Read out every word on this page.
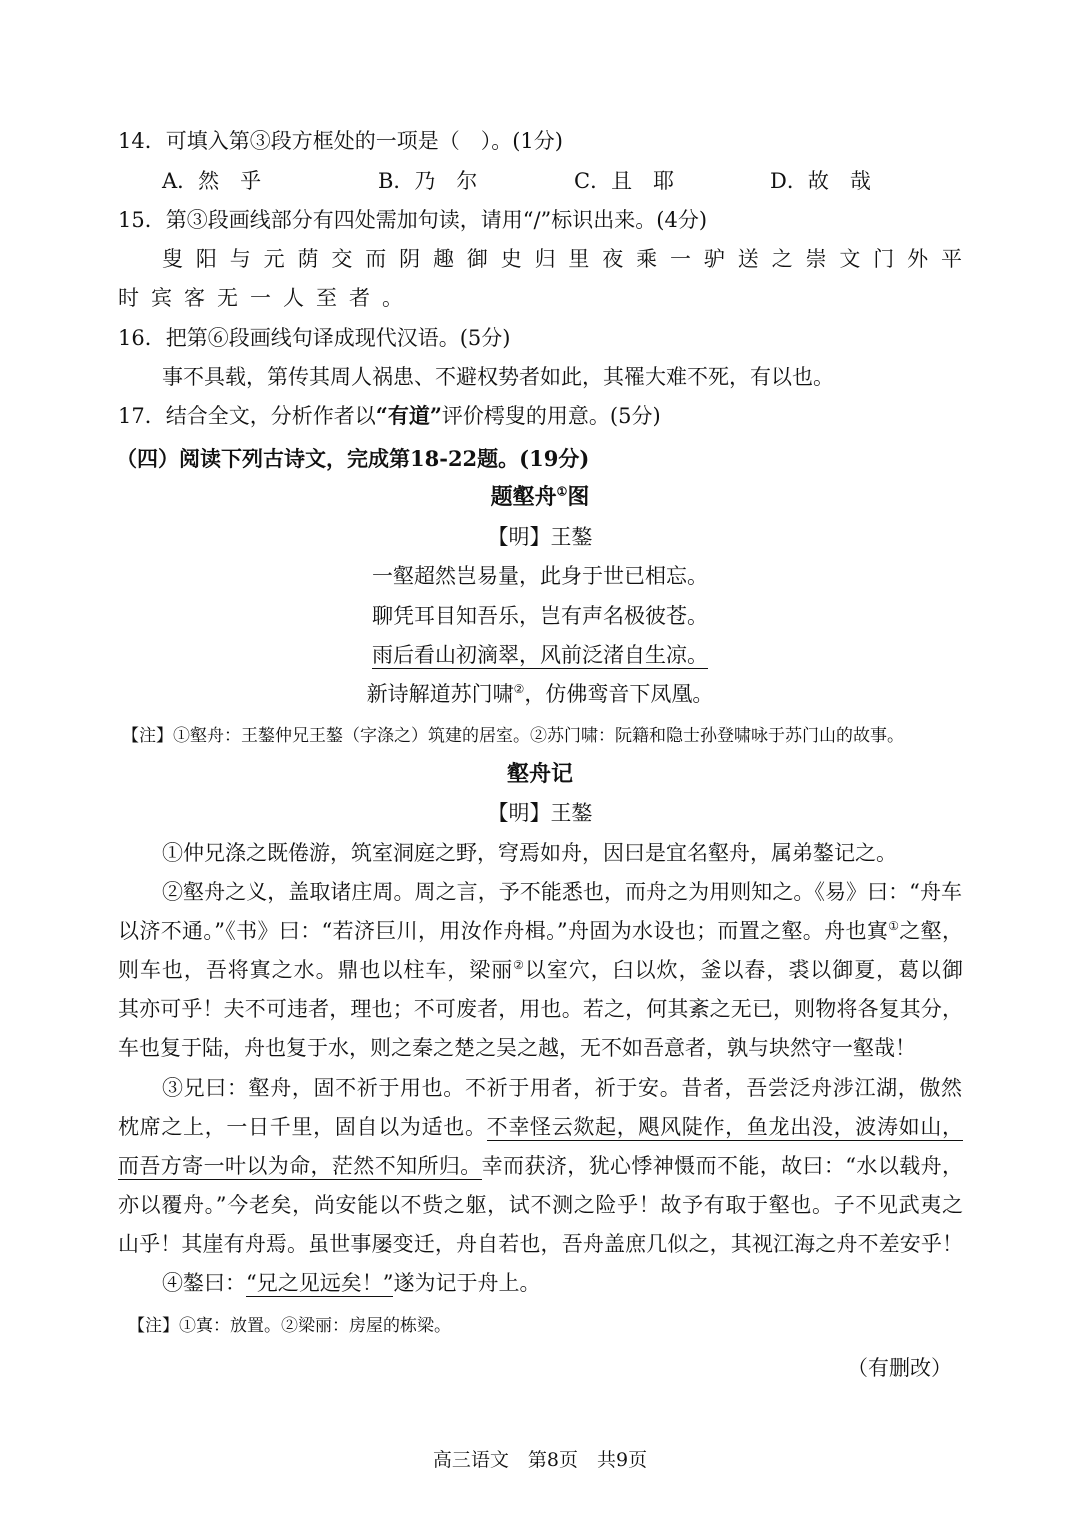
14．可填入第③段方框处的一项是（　）。(1分)

A．然　乎	B．乃　尔	C．且　耶	D．故　哉

15．第③段画线部分有四处需加句读，请用“/”标识出来。(4分)

叟阳与元荫交而阴趣御史归里夜乘一驴送之崇文门外平

时宾客无一人至者。

16．把第⑥段画线句译成现代汉语。(5分)

事不具载，第传其周人祸患、不避权势者如此，其罹大难不死，有以也。

17．结合全文，分析作者以“有道”评价樗叟的用意。(5分)

（四）阅读下列古诗文，完成第18-22题。(19分)

题壑舟①图

【明】王鏊

一壑超然岂易量，此身于世已相忘。

聊凭耳目知吾乐，岂有声名极彼苍。

雨后看山初滴翠，风前泛渚自生凉。

新诗解道苏门啸②，仿佛鸾音下凤凰。

【注】①壑舟：王鏊仲兄王鏊（字涤之）筑建的居室。②苏门啸：阮籍和隐士孙登啸咏于苏门山的故事。

壑舟记

【明】王鏊

①仲兄涤之既倦游，筑室洞庭之野，穹焉如舟，因曰是宜名壑舟，属弟鏊记之。

②壑舟之义，盖取诸庄周。周之言，予不能悉也，而舟之为用则知之。《易》曰：“舟车

以济不通。”《书》曰：“若济巨川，用汝作舟楫。”舟固为水设也；而置之壑。舟也寘①之壑，

则车也，吾将寘之水。鼎也以柱车，梁丽②以室穴，臼以炊，釜以舂，裘以御夏，葛以御

其亦可乎！夫不可违者，理也；不可废者，用也。若之，何其紊之无已，则物将各复其分，

车也复于陆，舟也复于水，则之秦之楚之吴之越，无不如吾意者，孰与块然守一壑哉！

③兄曰：壑舟，固不祈于用也。不祈于用者，祈于安。昔者，吾尝泛舟涉江湖，傲然

枕席之上，一日千里，固自以为适也。不幸怪云欻起，飓风陡作，鱼龙出没，波涛如山，

而吾方寄一叶以为命，茫然不知所归。幸而获济，犹心悸神慑而不能，故曰：“水以载舟，

亦以覆舟。”今老矣，尚安能以不赀之躯，试不测之险乎！故予有取于壑也。子不见武夷之

山乎！其崖有舟焉。虽世事屡变迁，舟自若也，吾舟盖庶几似之，其视江海之舟不差安乎！

④鏊曰：“兄之见远矣！”遂为记于舟上。

【注】①寘：放置。②梁丽：房屋的栋梁。

（有删改）

高三语文　第8页　共9页
